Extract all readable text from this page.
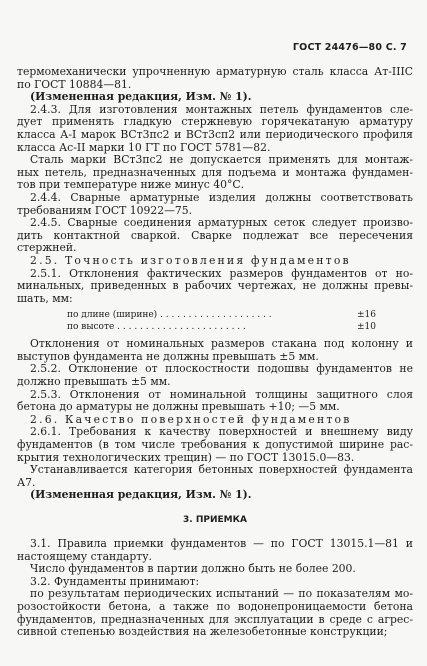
ГОСТ 24476—80 С. 7
термомеханически упрочненную арматурную сталь класса Ат-IIIС
по ГОСТ 10884—81.
(Измененная редакция, Изм. № 1).
2.4.3. Для изготовления монтажных петель фундаментов сле-
дует применять гладкую стержневую горячекатаную арматуру
класса А-I марок ВСт3пс2 и ВСт3сп2 или периодического профиля
класса Ас-II марки 10 ГТ по ГОСТ 5781—82.
Сталь марки ВСт3пс2 не допускается применять для монтаж-
ных петель, предназначенных для подъема и монтажа фундамен-
тов при температуре ниже минус 40°С.
2.4.4. Сварные арматурные изделия должны соответствовать
требованиям ГОСТ 10922—75.
2.4.5. Сварные соединения арматурных сеток следует произво-
дить контактной сваркой. Сварке подлежат все пересечения
стержней.
2.5. Точность изготовления фундаментов
2.5.1. Отклонения фактических размеров фундаментов от но-
минальных, приведенных в рабочих чертежах, не должны превы-
шать, мм:
по длине (ширине) . . . . . . . . . . . . . . . . . . . .	±16
по высоте . . . . . . . . . . . . . . . . . . . . . . .	±10
Отклонения от номинальных размеров стакана под колонну и
выступов фундамента не должны превышать ±5 мм.
2.5.2. Отклонение от плоскостности подошвы фундаментов не
должно превышать ±5 мм.
2.5.3. Отклонения от номинальной толщины защитного слоя
бетона до арматуры не должны превышать +10; —5 мм.
2.6. Качество поверхностей фундаментов
2.6.1. Требования к качеству поверхностей и внешнему виду
фундаментов (в том числе требования к допустимой ширине рас-
крытия технологических трещин) — по ГОСТ 13015.0—83.
Устанавливается категория бетонных поверхностей фундамента
А7.
(Измененная редакция, Изм. № 1).
3. ПРИЕМКА
3.1. Правила приемки фундаментов — по ГОСТ 13015.1—81 и
настоящему стандарту.
Число фундаментов в партии должно быть не более 200.
3.2. Фундаменты принимают:
по результатам периодических испытаний — по показателям мо-
розостойкости бетона, а также по водонепроницаемости бетона
фундаментов, предназначенных для эксплуатации в среде с агрес-
сивной степенью воздействия на железобетонные конструкции;
